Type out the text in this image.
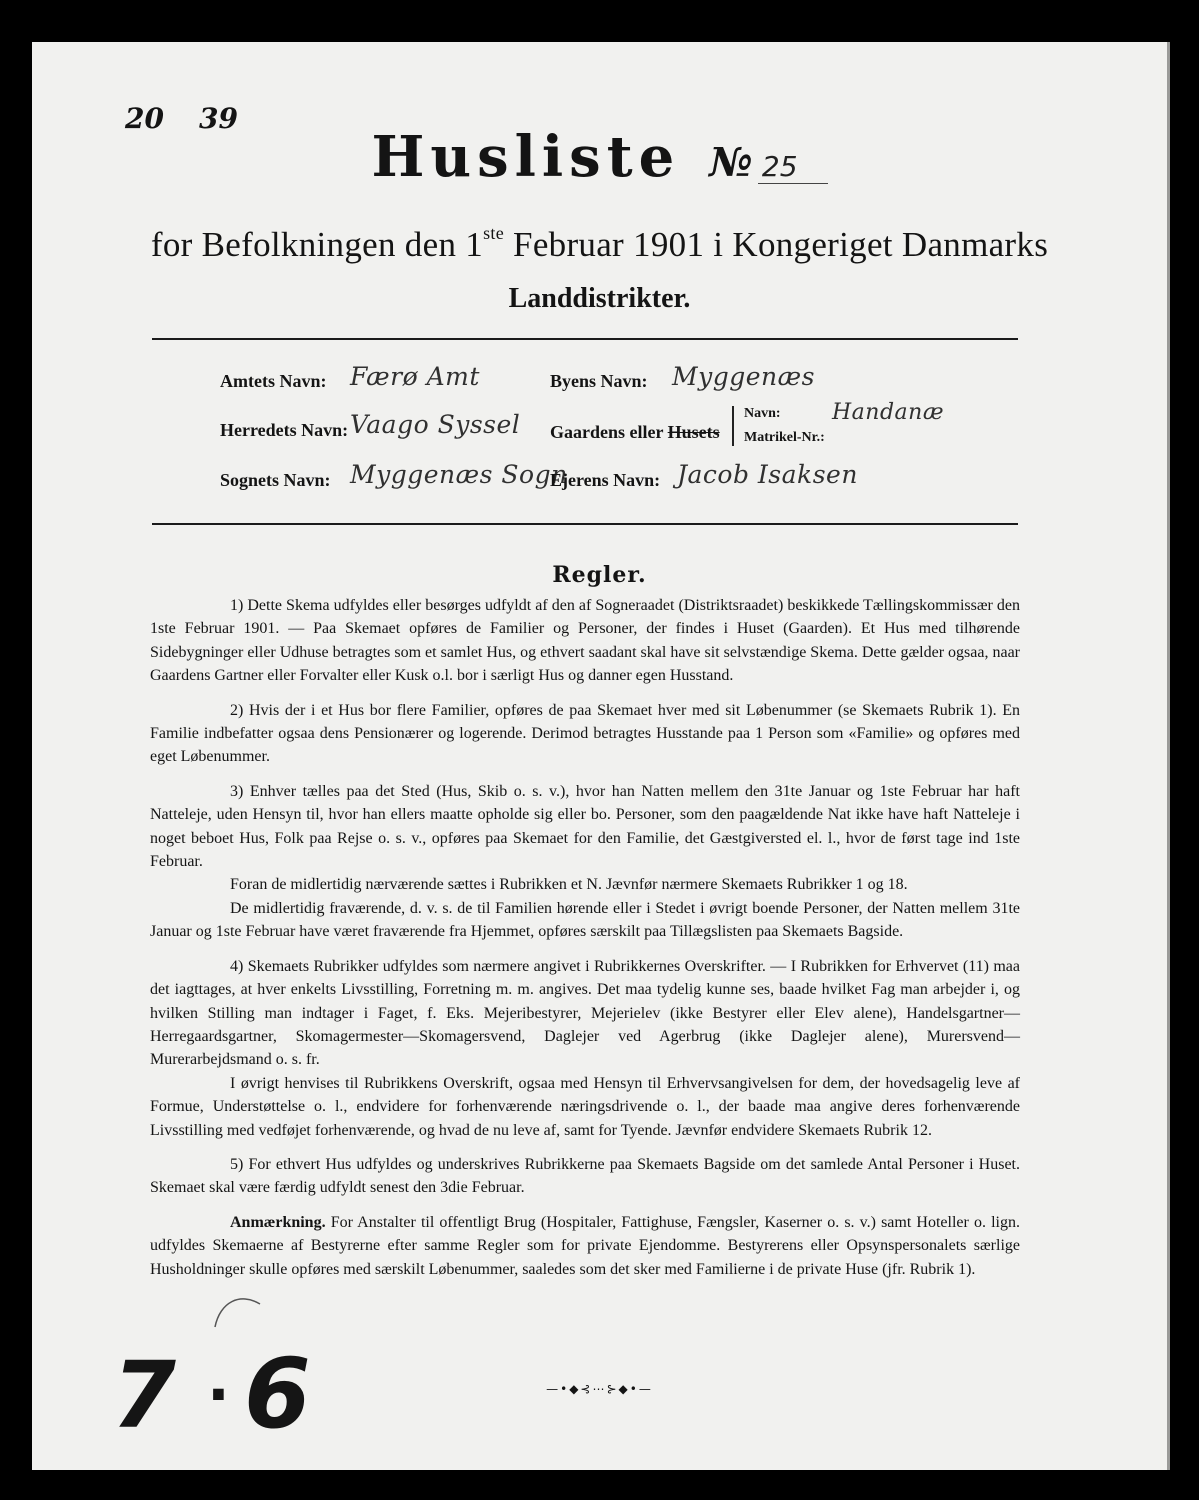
20 39
Husliste № 25
for Befolkningen den 1ste Februar 1901 i Kongeriget Danmarks
Landdistrikter.
Amtets Navn: Færø Amt	Byens Navn: Myggenæs
Herredets Navn: Vaago Syssel Gaardens eller Husets
Navn: Handanæ
Matrikel-Nr.:
Sognets Navn: Myggenæs Sogn
Ejerens Navn: Jacob Isaksen
Regler.

1) Dette Skema udfyldes eller besørges udfyldt af den af Sogneraadet (Distriktsraadet) beskikkede Tællingskommissær den 1ste Februar 1901. — Paa Skemaet opføres de Familier og Personer, der findes i Huset (Gaarden). Et Hus med tilhørende Sidebygninger eller Udhuse betragtes som et samlet Hus, og ethvert saadant skal have sit selvstændige Skema. Dette gælder ogsaa, naar Gaardens Gartner eller Forvalter eller Kusk o.l. bor i særligt Hus og danner egen Husstand.

2) Hvis der i et Hus bor flere Familier, opføres de paa Skemaet hver med sit Løbenummer (se Skemaets Rubrik 1). En Familie indbefatter ogsaa dens Pensionærer og logerende. Derimod betragtes Husstande paa 1 Person som «Familie» og opføres med eget Løbenummer.

3) Enhver tælles paa det Sted (Hus, Skib o. s. v.), hvor han Natten mellem den 31te Januar og 1ste Februar har haft Natteleje, uden Hensyn til, hvor han ellers maatte opholde sig eller bo. Personer, som den paagældende Nat ikke have haft Natteleje i noget beboet Hus, Folk paa Rejse o. s. v., opføres paa Skemaet for den Familie, det Gæstgiversted el. l., hvor de først tage ind 1ste Februar.

Foran de midlertidig nærværende sættes i Rubrikken et N. Jævnfør nærmere Skemaets Rubrikker 1 og 18.

De midlertidig fraværende, d. v. s. de til Familien hørende eller i Stedet i øvrigt boende Personer, der Natten mellem 31te Januar og 1ste Februar have været fraværende fra Hjemmet, opføres særskilt paa Tillægslisten paa Skemaets Bagside.

4) Skemaets Rubrikker udfyldes som nærmere angivet i Rubrikkernes Overskrifter. — I Rubrikken for Erhvervet (11) maa det iagttages, at hver enkelts Livsstilling, Forretning m. m. angives. Det maa tydelig kunne ses, baade hvilket Fag man arbejder i, og hvilken Stilling man indtager i Faget, f. Eks. Mejeribestyrer, Mejerielev (ikke Bestyrer eller Elev alene), Handelsgartner—Herregaardsgartner, Skomagermester—Skomagersvend, Daglejer ved Agerbrug (ikke Daglejer alene), Murersvend—Murerarbejdsmand o. s. fr.

I øvrigt henvises til Rubrikkens Overskrift, ogsaa med Hensyn til Erhvervsangivelsen for dem, der hovedsagelig leve af Formue, Understøttelse o. l., endvidere for forhenværende næringsdrivende o. l., der baade maa angive deres forhenværende Livsstilling med vedføjet forhenværende, og hvad de nu leve af, samt for Tyende. Jævnfør endvidere Skemaets Rubrik 12.

5) For ethvert Hus udfyldes og underskrives Rubrikkerne paa Skemaets Bagside om det samlede Antal Personer i Huset. Skemaet skal være færdig udfyldt senest den 3die Februar.

Anmærkning. For Anstalter til offentligt Brug (Hospitaler, Fattighuse, Fængsler, Kaserner o. s. v.) samt Hoteller o. lign. udfyldes Skemaerne af Bestyrerne efter samme Regler som for private Ejendomme. Bestyrerens eller Opsynspersonalets særlige Husholdninger skulle opføres med særskilt Løbenummer, saaledes som det sker med Familierne i de private Huse (jfr. Rubrik 1).

—•◆⊰⋯⊱◆•—
7 · 6
